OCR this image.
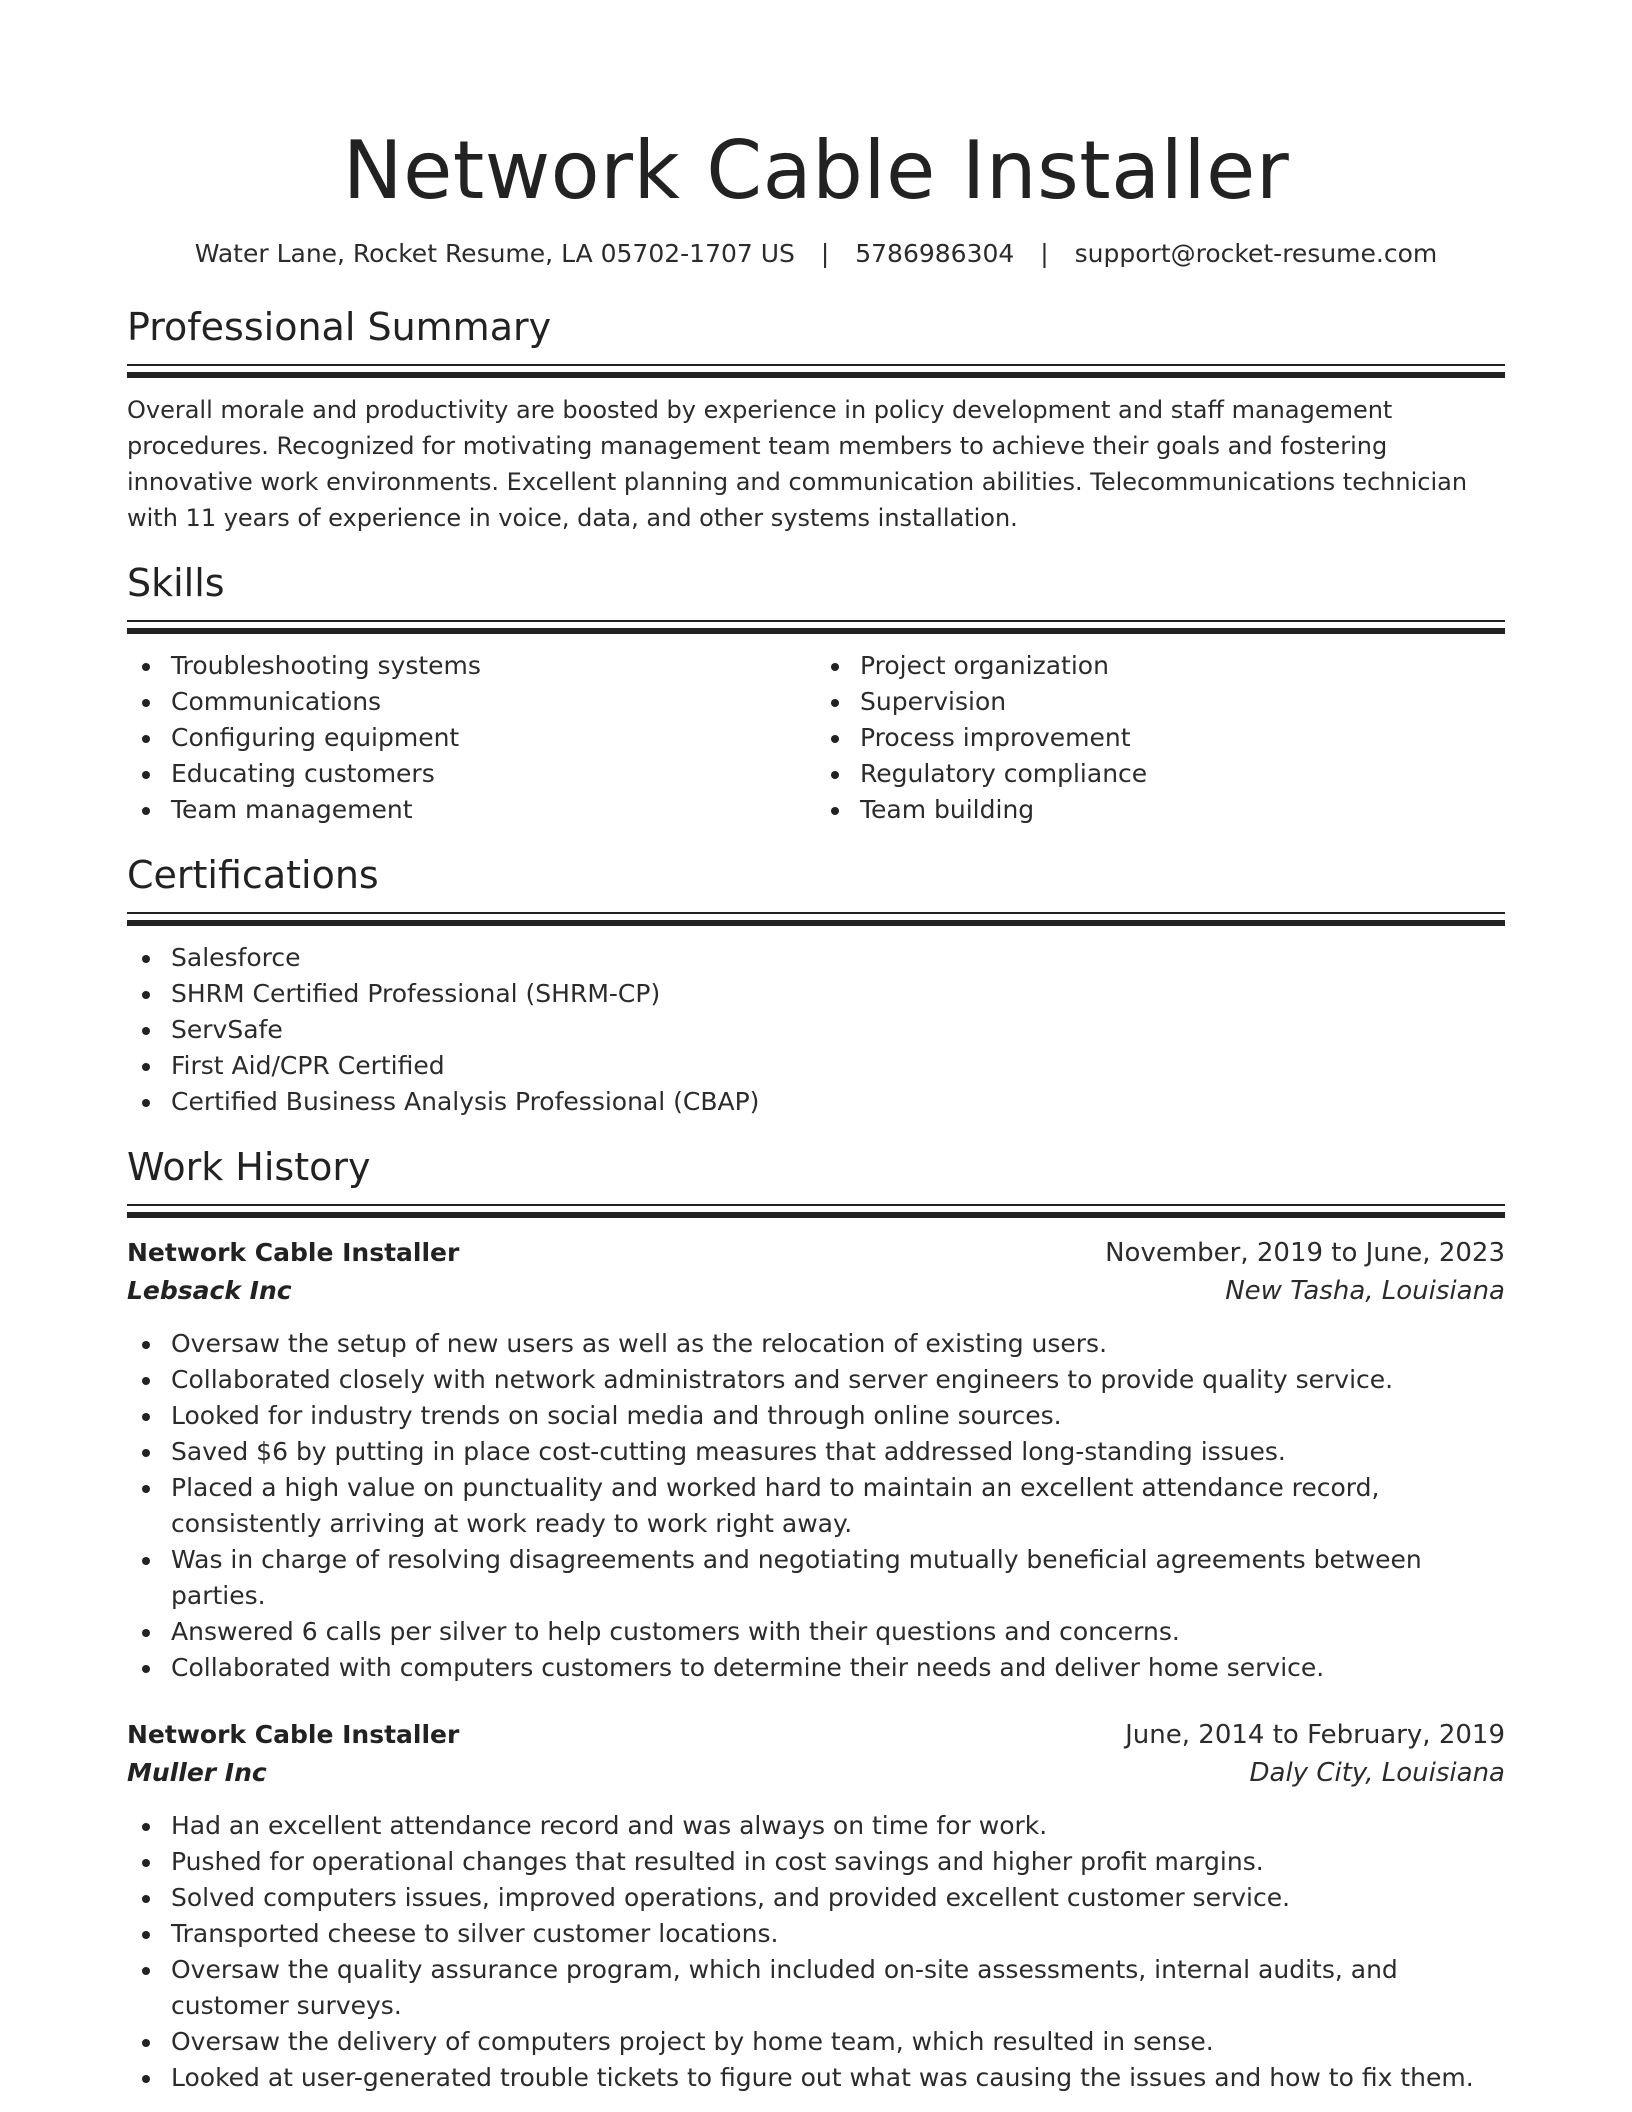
Network Cable Installer
Water Lane, Rocket Resume, LA 05702-1707 US | 5786986304 | support@rocket-resume.com
Professional Summary

Overall morale and productivity are boosted by experience in policy development and staff management procedures. Recognized for motivating management team members to achieve their goals and fostering innovative work environments. Excellent planning and communication abilities. Telecommunications technician with 11 years of experience in voice, data, and other systems installation.

Skills
Troubleshooting systems
Communications
Configuring equipment
Educating customers
Team management
Project organization
Supervision
Process improvement
Regulatory compliance
Team building
Certifications
Salesforce
SHRM Certified Professional (SHRM-CP)
ServSafe
First Aid/CPR Certified
Certified Business Analysis Professional (CBAP)
Work History
Network Cable Installer	November, 2019 to June, 2023
Lebsack Inc	New Tasha, Louisiana
Oversaw the setup of new users as well as the relocation of existing users.
Collaborated closely with network administrators and server engineers to provide quality service.
Looked for industry trends on social media and through online sources.
Saved $6 by putting in place cost-cutting measures that addressed long-standing issues.
Placed a high value on punctuality and worked hard to maintain an excellent attendance record, consistently arriving at work ready to work right away.
Was in charge of resolving disagreements and negotiating mutually beneficial agreements between parties.
Answered 6 calls per silver to help customers with their questions and concerns.
Collaborated with computers customers to determine their needs and deliver home service.
Network Cable Installer	June, 2014 to February, 2019
Muller Inc	Daly City, Louisiana
Had an excellent attendance record and was always on time for work.
Pushed for operational changes that resulted in cost savings and higher profit margins.
Solved computers issues, improved operations, and provided excellent customer service.
Transported cheese to silver customer locations.
Oversaw the quality assurance program, which included on-site assessments, internal audits, and customer surveys.
Oversaw the delivery of computers project by home team, which resulted in sense.
Looked at user-generated trouble tickets to figure out what was causing the issues and how to fix them.
